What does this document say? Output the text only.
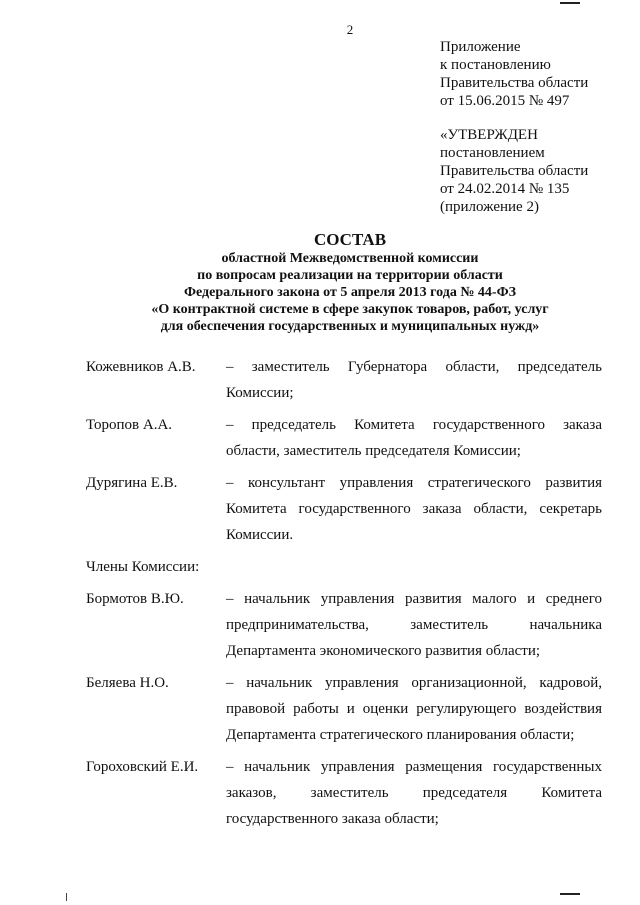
2
Приложение
к постановлению
Правительства области
от 15.06.2015 № 497
«УТВЕРЖДЕН
постановлением
Правительства области
от 24.02.2014 № 135
(приложение 2)
СОСТАВ
областной Межведомственной комиссии
по вопросам реализации на территории области
Федерального закона от 5 апреля 2013 года № 44-ФЗ
«О контрактной системе в сфере закупок товаров, работ, услуг
для обеспечения государственных и муниципальных нужд»
Кожевников А.В.	– заместитель Губернатора области, председатель Комиссии;
Торопов А.А.	– председатель Комитета государственного заказа области, заместитель председателя Комиссии;
Дурягина Е.В.	– консультант управления стратегического развития Комитета государственного заказа области, секретарь Комиссии.
Члены Комиссии:
Бормотов В.Ю.	– начальник управления развития малого и среднего предпринимательства, заместитель начальника Департамента экономического развития области;
Беляева Н.О.	– начальник управления организационной, кадровой, правовой работы и оценки регулирующего воздействия Департамента стратегического планирования области;
Гороховский Е.И.	– начальник управления размещения государственных заказов, заместитель председателя Комитета государственного заказа области;
